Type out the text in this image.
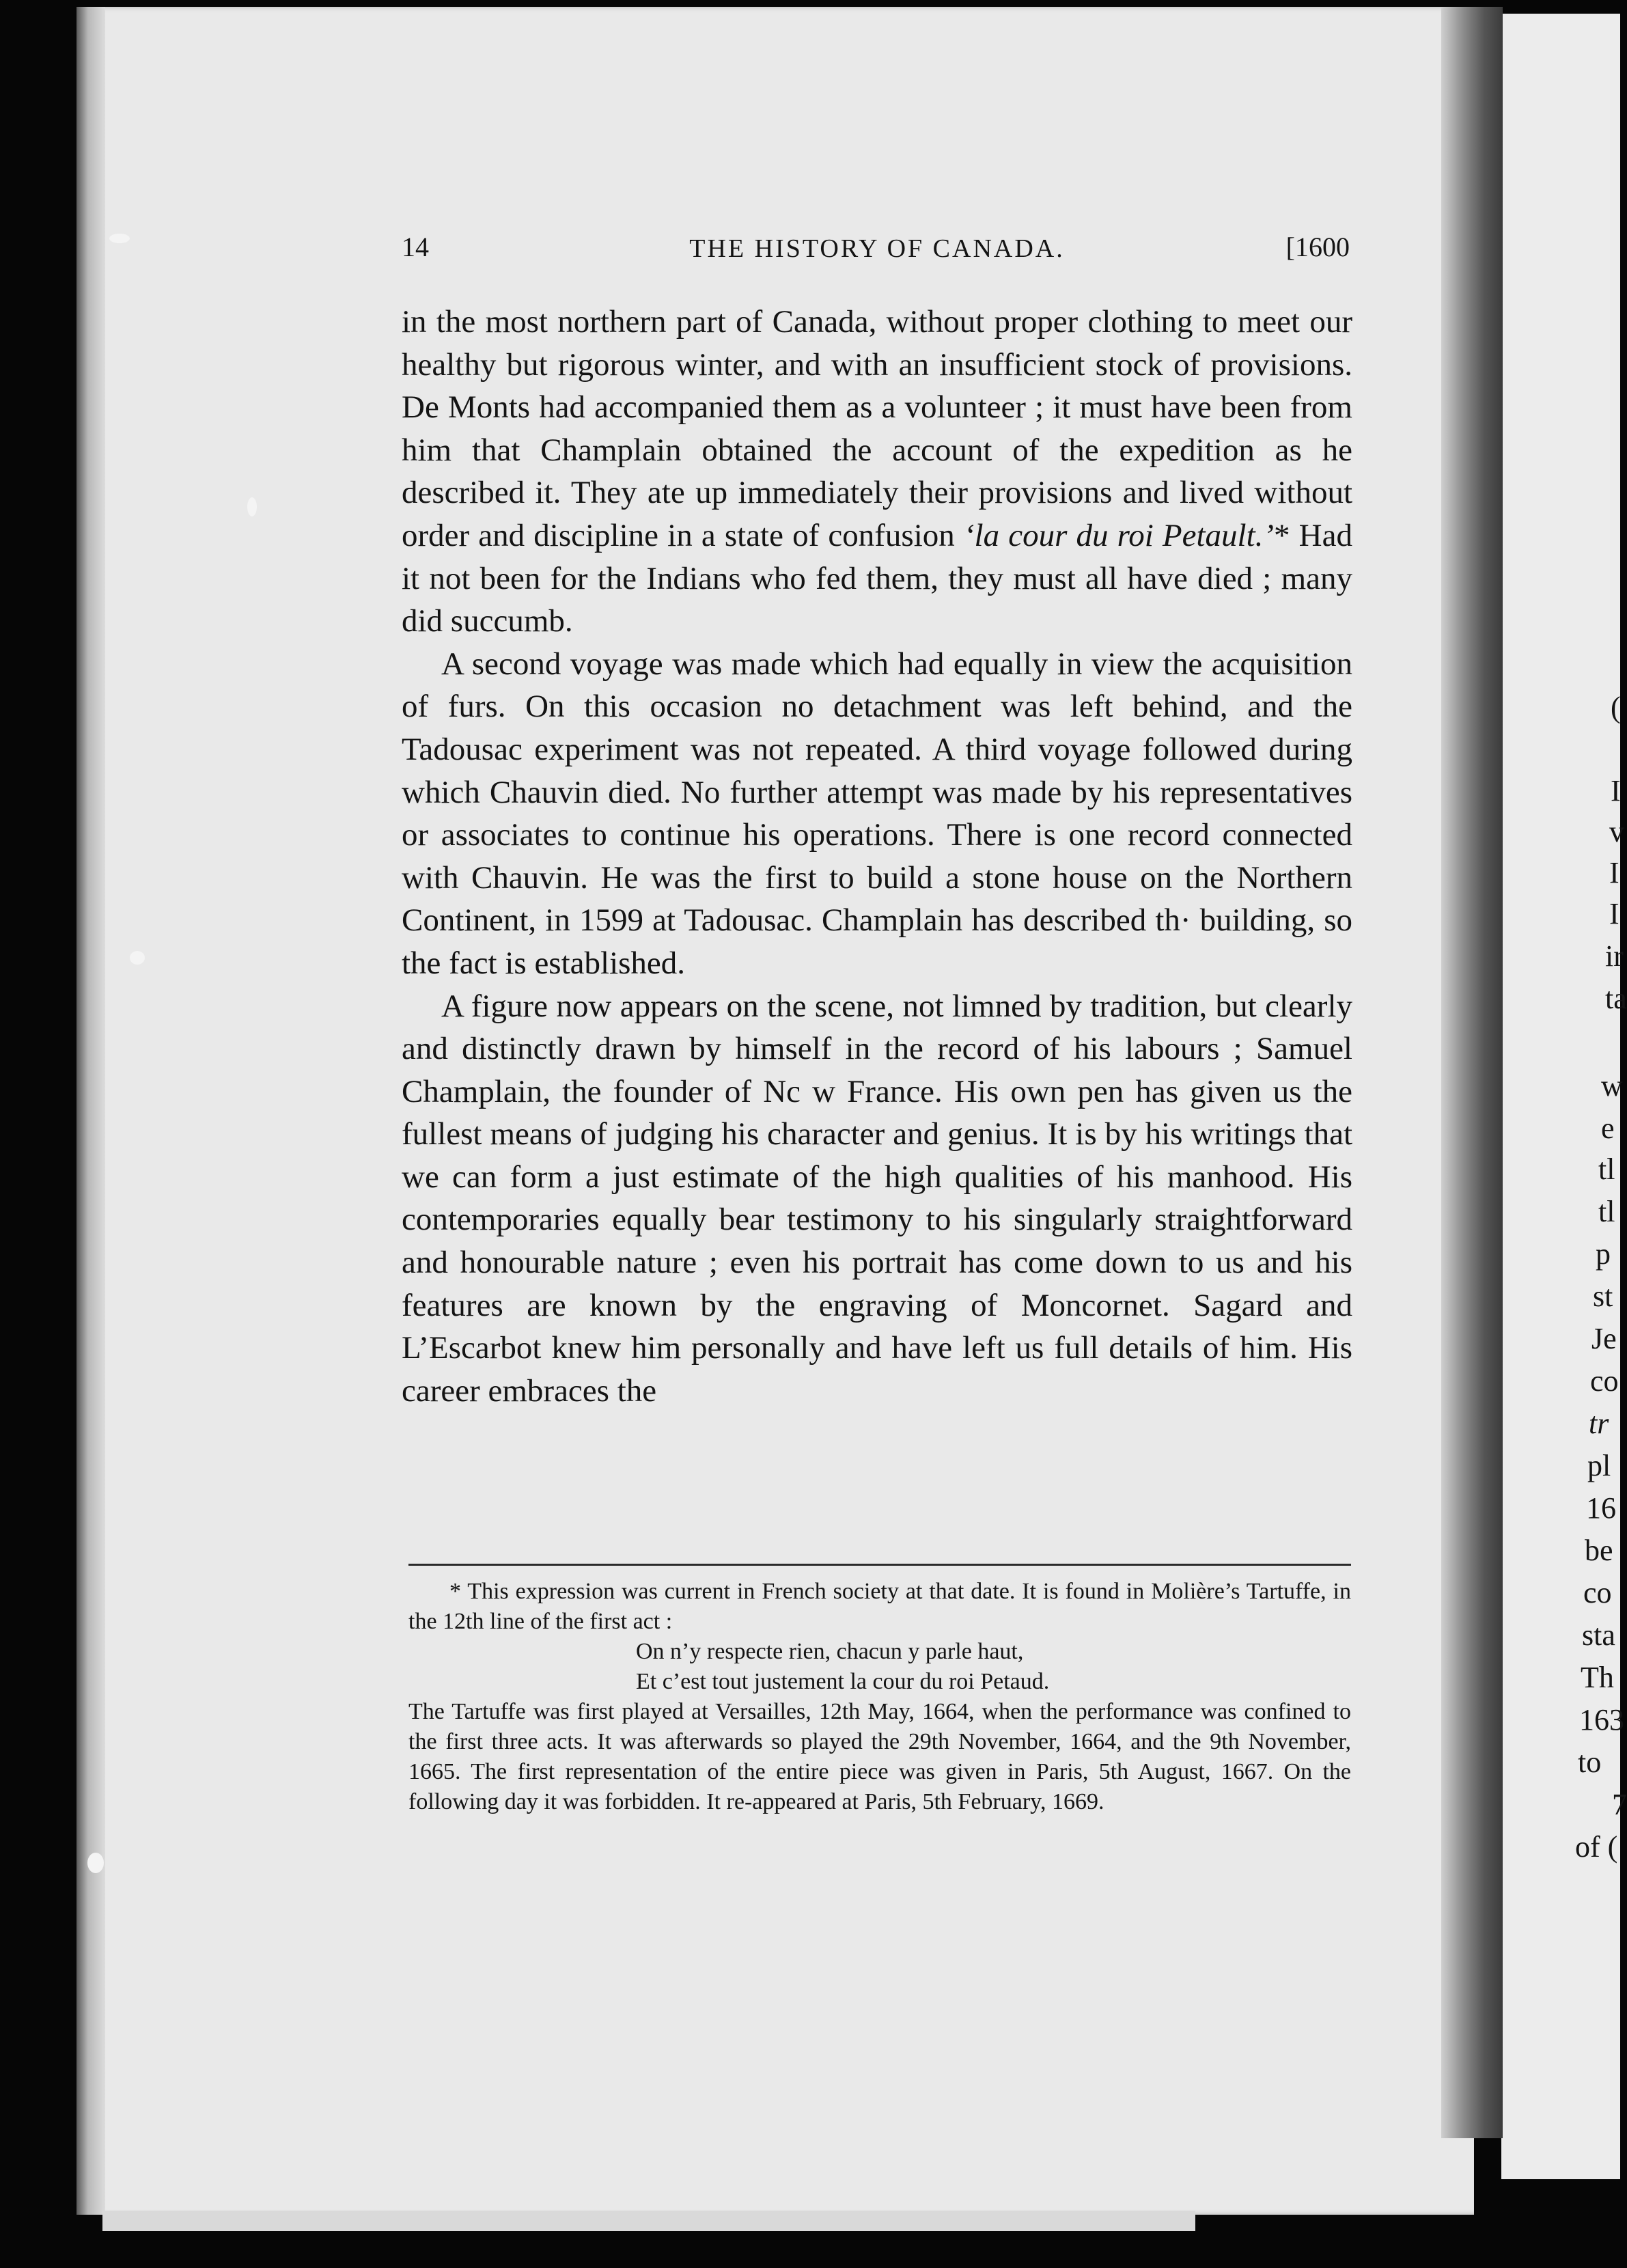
14	THE HISTORY OF CANADA.	[1600

in the most northern part of Canada, without proper clothing to meet our healthy but rigorous winter, and with an insufficient stock of provisions. De Monts had accompanied them as a volunteer ; it must have been from him that Champlain obtained the account of the expedition as he described it. They ate up immediately their provisions and lived without order and discipline in a state of confusion ‘la cour du roi Petault.’* Had it not been for the Indians who fed them, they must all have died ; many did succumb.

A second voyage was made which had equally in view the acquisition of furs. On this occasion no detachment was left behind, and the Tadousac experiment was not repeated. A third voyage followed during which Chauvin died. No further attempt was made by his representatives or associates to continue his operations. There is one record connected with Chauvin. He was the first to build a stone house on the Northern Continent, in 1599 at Tadousac. Champlain has described th· building, so the fact is established.

A figure now appears on the scene, not limned by tradition, but clearly and distinctly drawn by himself in the record of his labours ; Samuel Champlain, the founder of Nc w France. His own pen has given us the fullest means of judging his character and genius. It is by his writings that we can form a just estimate of the high qualities of his manhood. His contemporaries equally bear testimony to his singularly straightforward and honourable nature ; even his portrait has come down to us and his features are known by the engraving of Moncornet. Sagard and L’Escarbot knew him personally and have left us full details of him. His career embraces the

* This expression was current in French society at that date. It is found in Molière’s Tartuffe, in the 12th line of the first act :

On n’y respecte rien, chacun y parle haut,

Et c’est tout justement la cour du roi Petaud.

The Tartuffe was first played at Versailles, 12th May, 1664, when the performance was confined to the first three acts. It was afterwards so played the 29th November, 1664, and the 9th November, 1665. The first representation of the entire piece was given in Paris, 5th August, 1667. On the following day it was forbidden. It re-appeared at Paris, 5th February, 1669.

(
I
v
I
I
ir
ta
w
e
tl
tl
p
st
Je
co
tr
pl
16
be
co
sta
Th
163
to
7
of (
